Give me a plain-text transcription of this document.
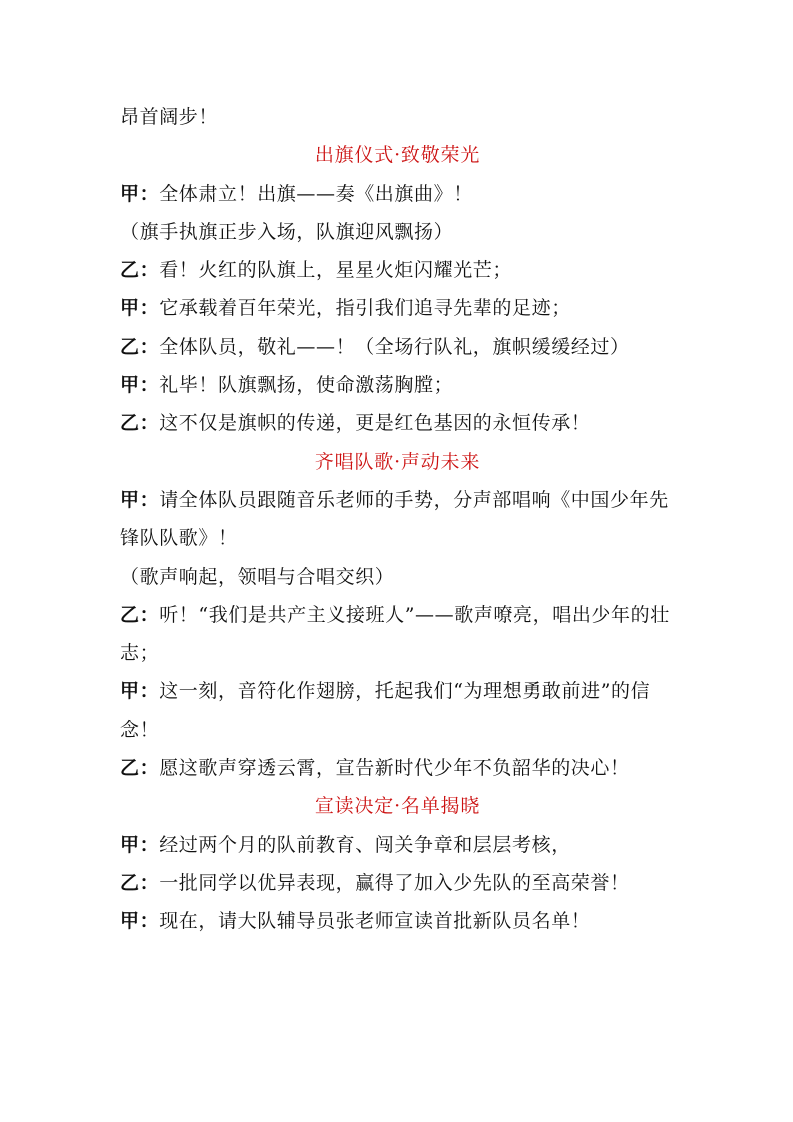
昂首阔步！
出旗仪式·致敬荣光
甲：全体肃立！出旗——奏《出旗曲》！
（旗手执旗正步入场，队旗迎风飘扬）
乙：看！火红的队旗上，星星火炬闪耀光芒；
甲：它承载着百年荣光，指引我们追寻先辈的足迹；
乙：全体队员，敬礼——！（全场行队礼，旗帜缓缓经过）
甲：礼毕！队旗飘扬，使命激荡胸膛；
乙：这不仅是旗帜的传递，更是红色基因的永恒传承！
齐唱队歌·声动未来
甲：请全体队员跟随音乐老师的手势，分声部唱响《中国少年先锋队队歌》！
（歌声响起，领唱与合唱交织）
乙：听！“我们是共产主义接班人”——歌声嘹亮，唱出少年的壮志；
甲：这一刻，音符化作翅膀，托起我们“为理想勇敢前进”的信念！
乙：愿这歌声穿透云霄，宣告新时代少年不负韶华的决心！
宣读决定·名单揭晓
甲：经过两个月的队前教育、闯关争章和层层考核，
乙：一批同学以优异表现，赢得了加入少先队的至高荣誉！
甲：现在，请大队辅导员张老师宣读首批新队员名单！
